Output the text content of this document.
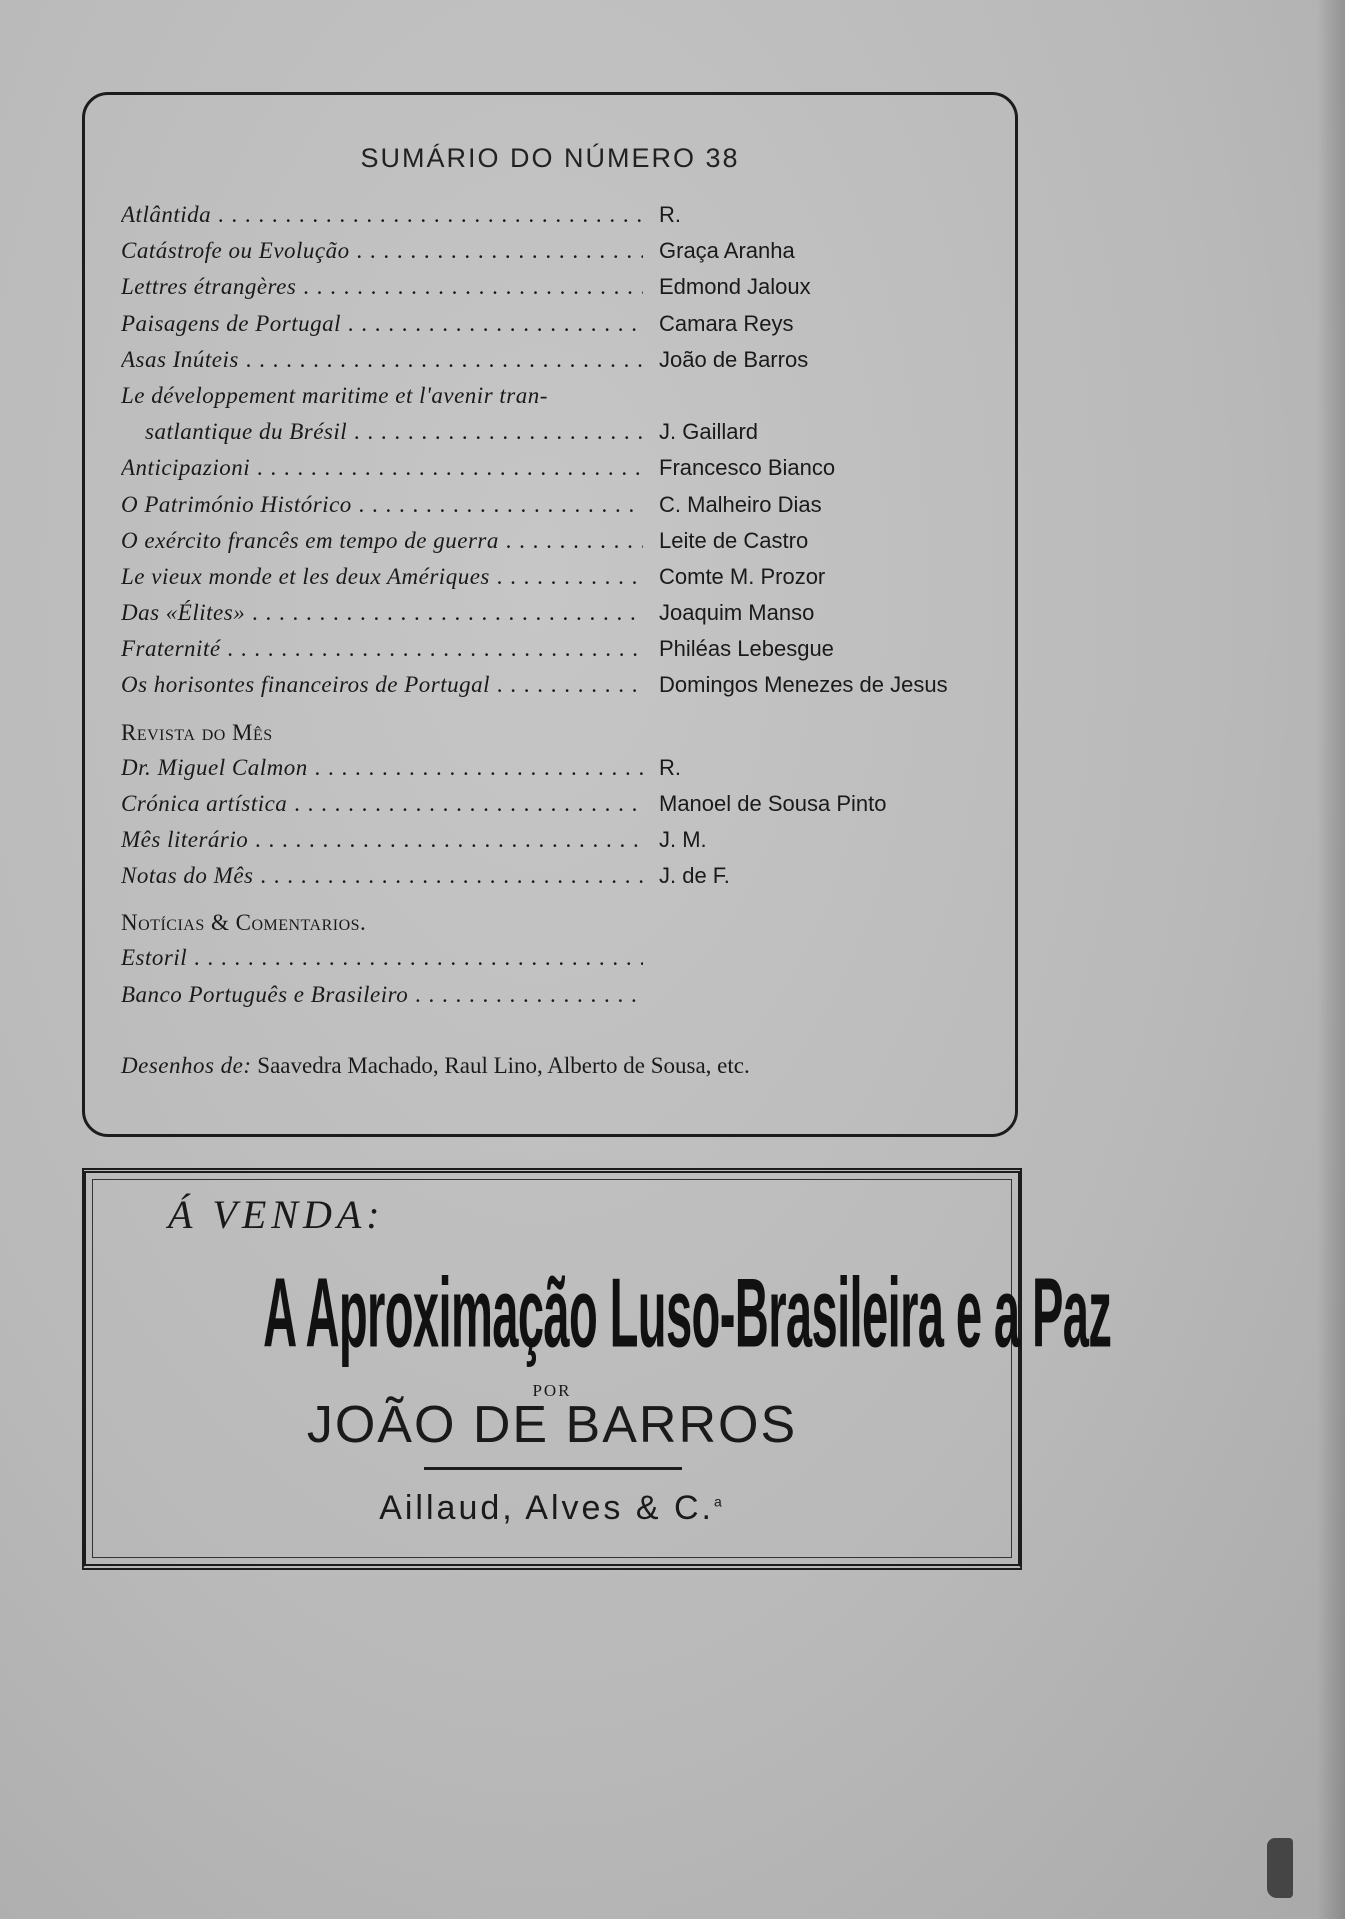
SUMÁRIO DO NÚMERO 38
Atlântida . . .	R.
Catástrofe ou Evolução . . .	Graça Aranha
Lettres étrangères . . .	Edmond Jaloux
Paisagens de Portugal . . .	Camara Reys
Asas Inúteis . . .	João de Barros
Le développement maritime et l'avenir tran-
satlantique du Brésil . . .	J. Gaillard
Anticipazioni . . .	Francesco Bianco
O Património Histórico . . .	C. Malheiro Dias
O exército francês em tempo de guerra . . .	Leite de Castro
Le vieux monde et les deux Amériques . . .	Comte M. Prozor
Das «Élites» . . .	Joaquim Manso
Fraternité . . .	Philéas Lebesgue
Os horisontes financeiros de Portugal . . .	Domingos Menezes de Jesus
Revista do Mês
Dr. Miguel Calmon . . .	R.
Crónica artística . . .	Manoel de Sousa Pinto
Mês literário . . .	J. M.
Notas do Mês . . .	J. de F.
Notícias & Comentarios.
Estoril . . .
Banco Português e Brasileiro . . .
Desenhos de: Saavedra Machado, Raul Lino, Alberto de Sousa, etc.
Á VENDA:
A Aproximação Luso-Brasileira e a Paz
POR
JOÃO DE BARROS
Aillaud, Alves & C.$^a$
